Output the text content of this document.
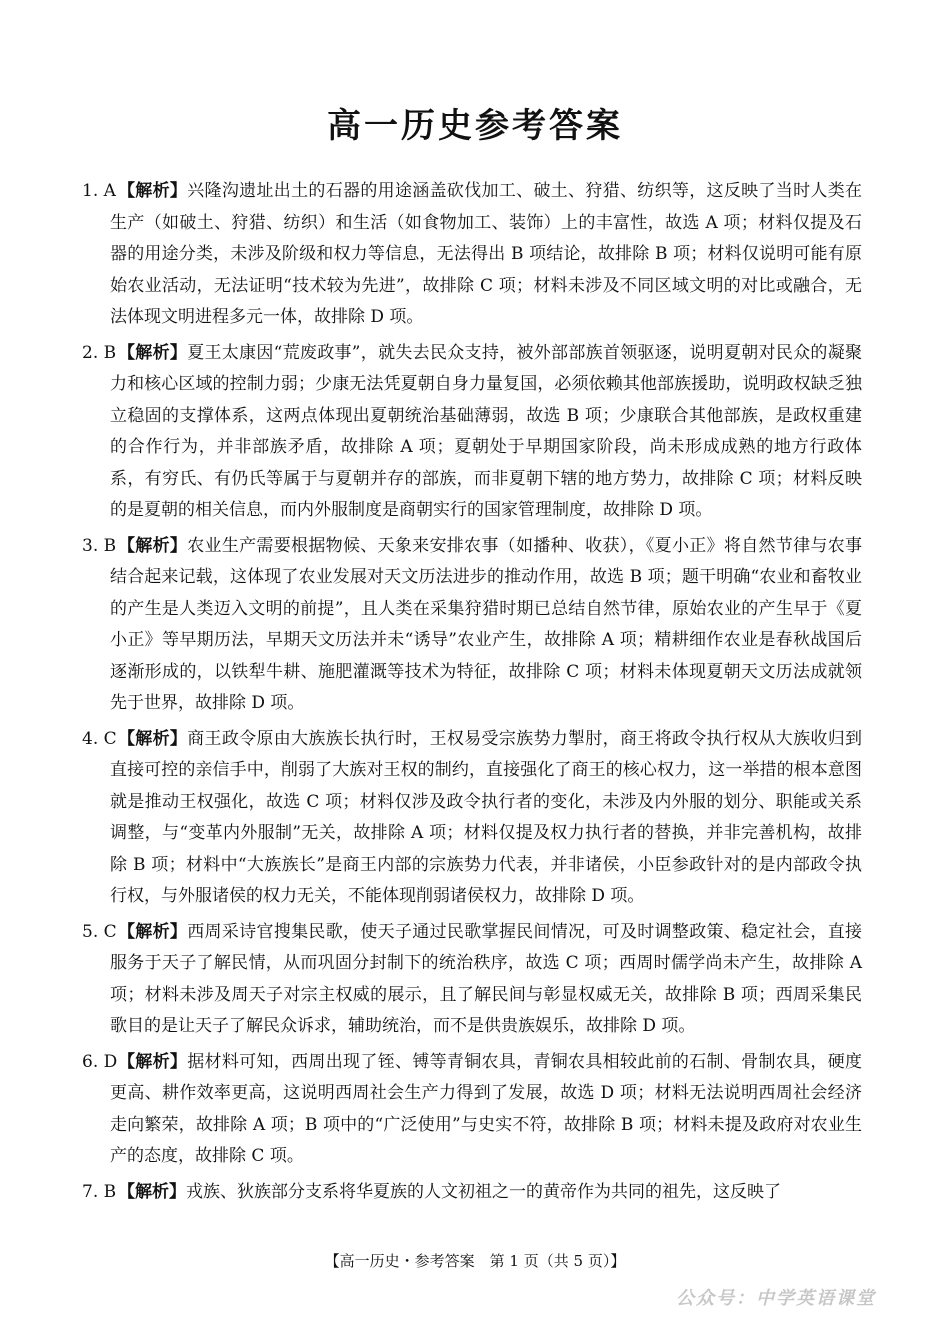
高一历史参考答案
1. A 【解析】兴隆沟遗址出土的石器的用途涵盖砍伐加工、破土、狩猎、纺织等，这反映了当时人类在生产（如破土、狩猎、纺织）和生活（如食物加工、装饰）上的丰富性，故选 A 项；材料仅提及石器的用途分类，未涉及阶级和权力等信息，无法得出 B 项结论，故排除 B 项；材料仅说明可能有原始农业活动，无法证明“技术较为先进”，故排除 C 项；材料未涉及不同区域文明的对比或融合，无法体现文明进程多元一体，故排除 D 项。
2. B 【解析】夏王太康因“荒废政事”，就失去民众支持，被外部部族首领驱逐，说明夏朝对民众的凝聚力和核心区域的控制力弱；少康无法凭夏朝自身力量复国，必须依赖其他部族援助，说明政权缺乏独立稳固的支撑体系，这两点体现出夏朝统治基础薄弱，故选 B 项；少康联合其他部族，是政权重建的合作行为，并非部族矛盾，故排除 A 项；夏朝处于早期国家阶段，尚未形成成熟的地方行政体系，有穷氏、有仍氏等属于与夏朝并存的部族，而非夏朝下辖的地方势力，故排除 C 项；材料反映的是夏朝的相关信息，而内外服制度是商朝实行的国家管理制度，故排除 D 项。
3. B 【解析】农业生产需要根据物候、天象来安排农事（如播种、收获），《夏小正》将自然节律与农事结合起来记载，这体现了农业发展对天文历法进步的推动作用，故选 B 项；题干明确“农业和畜牧业的产生是人类迈入文明的前提”，且人类在采集狩猎时期已总结自然节律，原始农业的产生早于《夏小正》等早期历法，早期天文历法并未“诱导”农业产生，故排除 A 项；精耕细作农业是春秋战国后逐渐形成的，以铁犁牛耕、施肥灌溉等技术为特征，故排除 C 项；材料未体现夏朝天文历法成就领先于世界，故排除 D 项。
4. C 【解析】商王政令原由大族族长执行时，王权易受宗族势力掣肘，商王将政令执行权从大族收归到直接可控的亲信手中，削弱了大族对王权的制约，直接强化了商王的核心权力，这一举措的根本意图就是推动王权强化，故选 C 项；材料仅涉及政令执行者的变化，未涉及内外服的划分、职能或关系调整，与“变革内外服制”无关，故排除 A 项；材料仅提及权力执行者的替换，并非完善机构，故排除 B 项；材料中“大族族长”是商王内部的宗族势力代表，并非诸侯，小臣参政针对的是内部政令执行权，与外服诸侯的权力无关，不能体现削弱诸侯权力，故排除 D 项。
5. C 【解析】西周采诗官搜集民歌，使天子通过民歌掌握民间情况，可及时调整政策、稳定社会，直接服务于天子了解民情，从而巩固分封制下的统治秩序，故选 C 项；西周时儒学尚未产生，故排除 A 项；材料未涉及周天子对宗主权威的展示，且了解民间与彰显权威无关，故排除 B 项；西周采集民歌目的是让天子了解民众诉求，辅助统治，而不是供贵族娱乐，故排除 D 项。
6. D 【解析】据材料可知，西周出现了铚、镈等青铜农具，青铜农具相较此前的石制、骨制农具，硬度更高、耕作效率更高，这说明西周社会生产力得到了发展，故选 D 项；材料无法说明西周社会经济走向繁荣，故排除 A 项；B 项中的“广泛使用”与史实不符，故排除 B 项；材料未提及政府对农业生产的态度，故排除 C 项。
7. B 【解析】戎族、狄族部分支系将华夏族的人文初祖之一的黄帝作为共同的祖先，这反映了
【高一历史・参考答案　第 1 页（共 5 页）】
公众号：中学英语课堂
